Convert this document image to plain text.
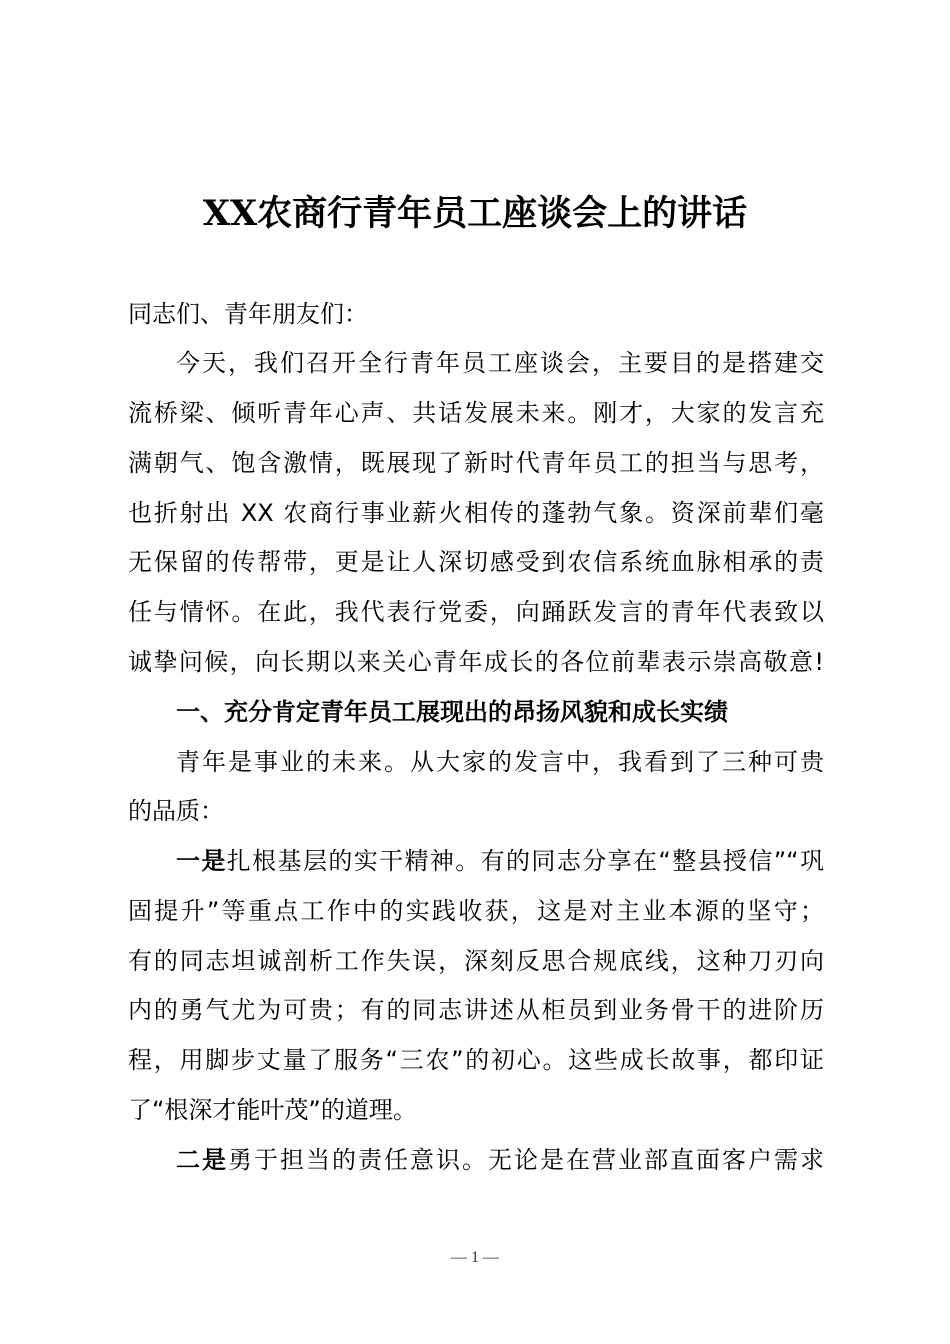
XX农商行青年员工座谈会上的讲话
同志们、青年朋友们：
今天，我们召开全行青年员工座谈会，主要目的是搭建交
流桥梁、倾听青年心声、共话发展未来。刚才，大家的发言充
满朝气、饱含激情，既展现了新时代青年员工的担当与思考，
也折射出 XX 农商行事业薪火相传的蓬勃气象。资深前辈们毫
无保留的传帮带，更是让人深切感受到农信系统血脉相承的责
任与情怀。在此，我代表行党委，向踊跃发言的青年代表致以
诚挚问候，向长期以来关心青年成长的各位前辈表示崇高敬意!
一、充分肯定青年员工展现出的昂扬风貌和成长实绩
青年是事业的未来。从大家的发言中，我看到了三种可贵
的品质：
一是扎根基层的实干精神。有的同志分享在“整县授信”“巩
固提升”等重点工作中的实践收获，这是对主业本源的坚守；
有的同志坦诚剖析工作失误，深刻反思合规底线，这种刀刃向
内的勇气尤为可贵；有的同志讲述从柜员到业务骨干的进阶历
程，用脚步丈量了服务“三农”的初心。这些成长故事，都印证
了“根深才能叶茂”的道理。
二是勇于担当的责任意识。无论是在营业部直面客户需求
— 1 —
